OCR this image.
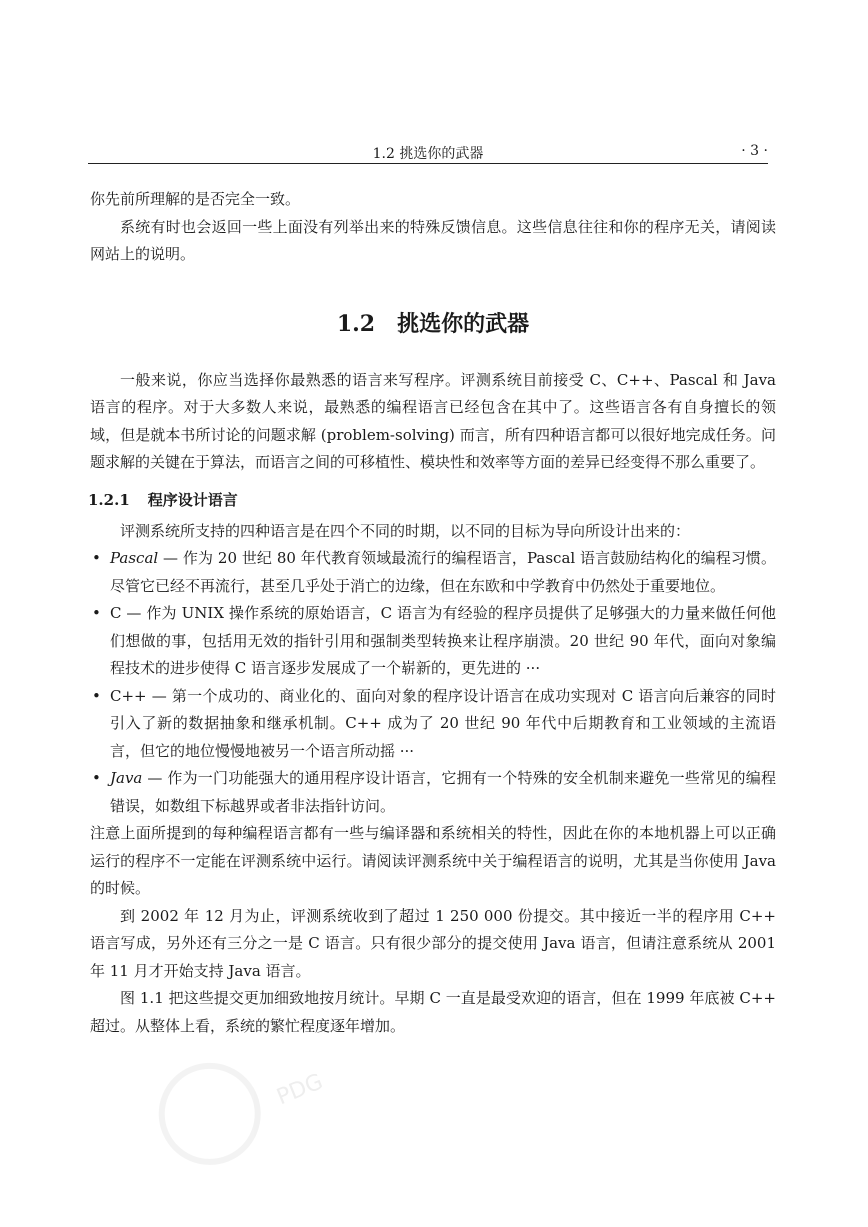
1.2 挑选你的武器	· 3 ·

你先前所理解的是否完全一致。

系统有时也会返回一些上面没有列举出来的特殊反馈信息。这些信息往往和你的程序无关，请阅读网站上的说明。

1.2 挑选你的武器

一般来说，你应当选择你最熟悉的语言来写程序。评测系统目前接受 C、C++、Pascal 和 Java 语言的程序。对于大多数人来说，最熟悉的编程语言已经包含在其中了。这些语言各有自身擅长的领域，但是就本书所讨论的问题求解 (problem-solving) 而言，所有四种语言都可以很好地完成任务。问题求解的关键在于算法，而语言之间的可移植性、模块性和效率等方面的差异已经变得不那么重要了。

1.2.1 程序设计语言

评测系统所支持的四种语言是在四个不同的时期，以不同的目标为导向所设计出来的：

• Pascal — 作为 20 世纪 80 年代教育领域最流行的编程语言，Pascal 语言鼓励结构化的编程习惯。尽管它已经不再流行，甚至几乎处于消亡的边缘，但在东欧和中学教育中仍然处于重要地位。
• C — 作为 UNIX 操作系统的原始语言，C 语言为有经验的程序员提供了足够强大的力量来做任何他们想做的事，包括用无效的指针引用和强制类型转换来让程序崩溃。20 世纪 90 年代，面向对象编程技术的进步使得 C 语言逐步发展成了一个崭新的，更先进的 ···
• C++ — 第一个成功的、商业化的、面向对象的程序设计语言在成功实现对 C 语言向后兼容的同时引入了新的数据抽象和继承机制。C++ 成为了 20 世纪 90 年代中后期教育和工业领域的主流语言，但它的地位慢慢地被另一个语言所动摇 ···
• Java — 作为一门功能强大的通用程序设计语言，它拥有一个特殊的安全机制来避免一些常见的编程错误，如数组下标越界或者非法指针访问。

注意上面所提到的每种编程语言都有一些与编译器和系统相关的特性，因此在你的本地机器上可以正确运行的程序不一定能在评测系统中运行。请阅读评测系统中关于编程语言的说明，尤其是当你使用 Java 的时候。

到 2002 年 12 月为止，评测系统收到了超过 1 250 000 份提交。其中接近一半的程序用 C++ 语言写成，另外还有三分之一是 C 语言。只有很少部分的提交使用 Java 语言，但请注意系统从 2001 年 11 月才开始支持 Java 语言。

图 1.1 把这些提交更加细致地按月统计。早期 C 一直是最受欢迎的语言，但在 1999 年底被 C++ 超过。从整体上看，系统的繁忙程度逐年增加。

PDG
